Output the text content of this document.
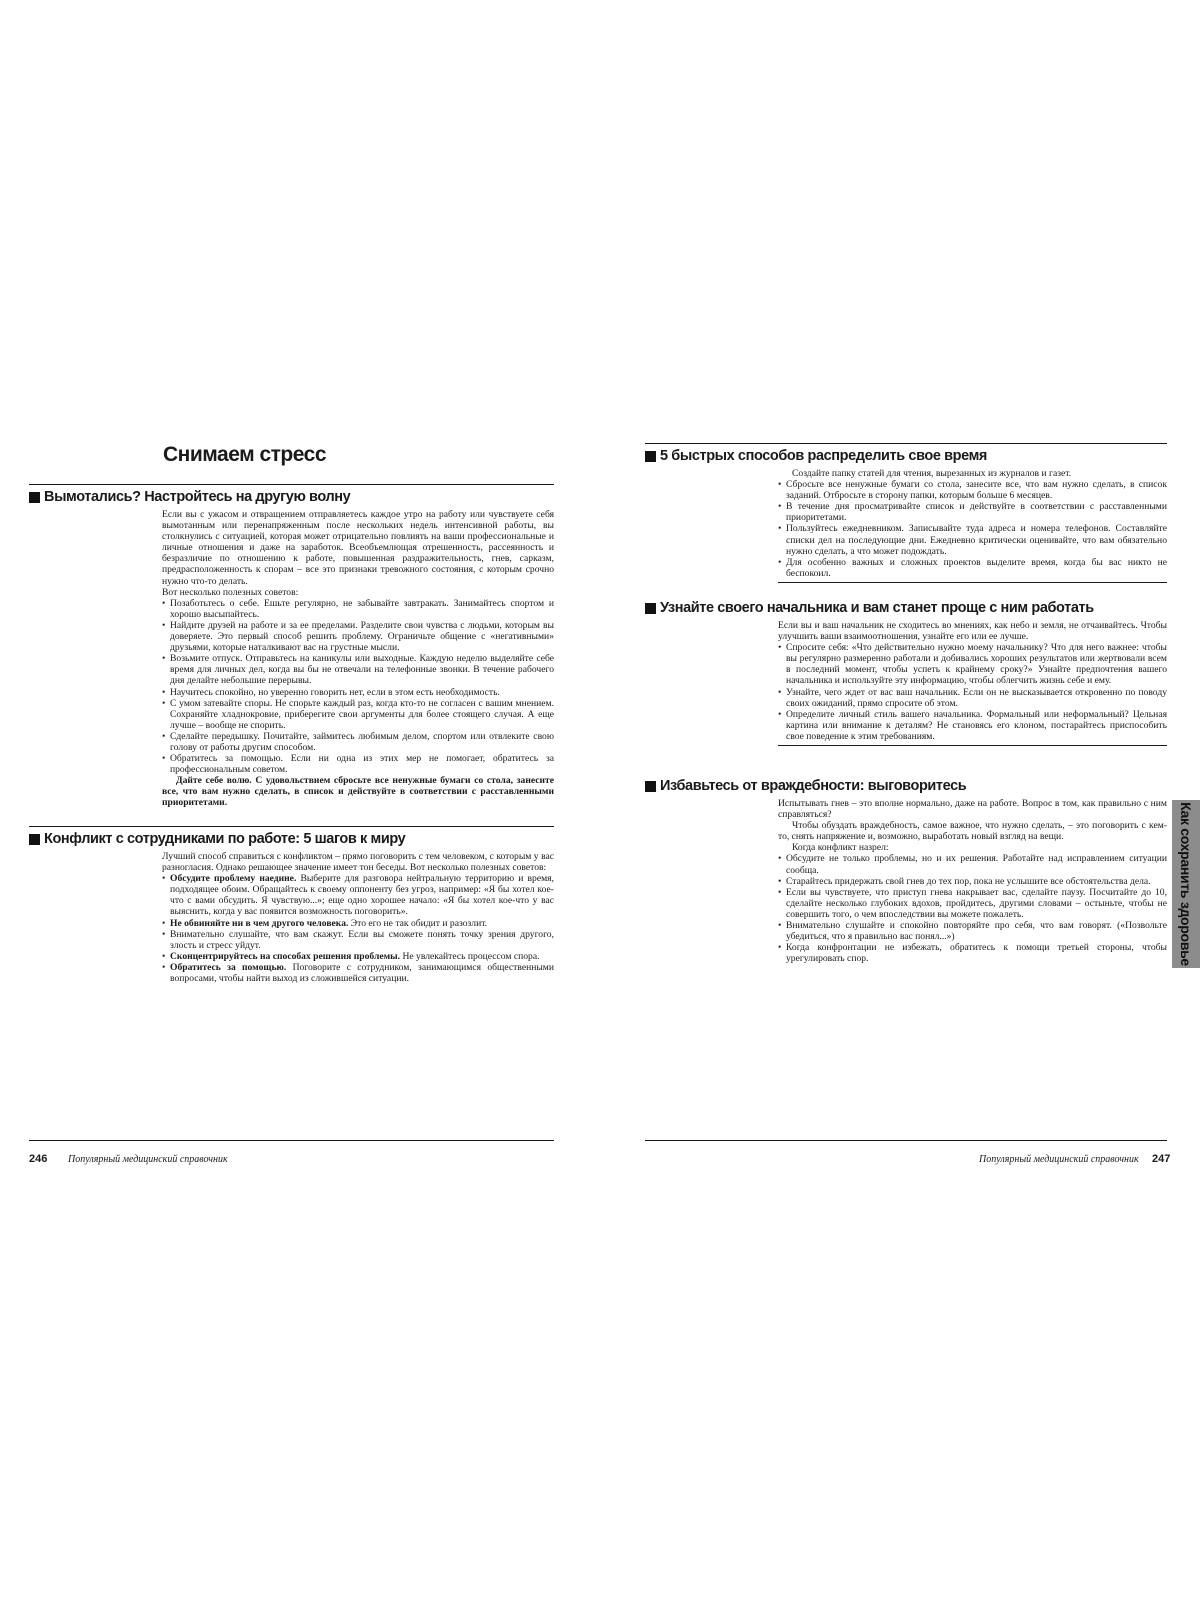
Снимаем стресс
Вымотались? Настройтесь на другую волну

Если вы с ужасом и отвращением отправляетесь каждое утро на работу или чувствуете себя вымотанным или перенапряженным после нескольких недель интенсивной работы, вы столкнулись с ситуацией, которая может отрицательно повлиять на ваши профессиональные и личные отношения и даже на заработок. Всеобъемлющая отрешенность, рассеянность и безразличие по отношению к работе, повышенная раздражительность, гнев, сарказм, предрасположенность к спорам – все это признаки тревожного состояния, с которым срочно нужно что-то делать.

Вот несколько полезных советов:

• Позаботьтесь о себе. Ешьте регулярно, не забывайте завтракать. Занимайтесь спортом и хорошо высыпайтесь.
• Найдите друзей на работе и за ее пределами. Разделите свои чувства с людьми, которым вы доверяете. Это первый способ решить проблему. Ограничьте общение с «негативными» друзьями, которые наталкивают вас на грустные мысли.
• Возьмите отпуск. Отправьтесь на каникулы или выходные. Каждую неделю выделяйте себе время для личных дел, когда вы бы не отвечали на телефонные звонки. В течение рабочего дня делайте небольшие перерывы.
• Научитесь спокойно, но уверенно говорить нет, если в этом есть необходимость.
• С умом затевайте споры. Не спорьте каждый раз, когда кто-то не согласен с вашим мнением. Сохраняйте хладнокровие, приберегите свои аргументы для более стоящего случая. А еще лучше – вообще не спорить.
• Сделайте передышку. Почитайте, займитесь любимым делом, спортом или отвлеките свою голову от работы другим способом.
• Обратитесь за помощью. Если ни одна из этих мер не помогает, обратитесь за профессиональным советом.

Дайте себе волю. С удовольствием сбросьте все ненужные бумаги со стола, занесите все, что вам нужно сделать, в список и действуйте в соответствии с расставленными приоритетами.

Конфликт с сотрудниками по работе: 5 шагов к миру

Лучший способ справиться с конфликтом – прямо поговорить с тем человеком, с которым у вас разногласия. Однако решающее значение имеет тон беседы. Вот несколько полезных советов:

• Обсудите проблему наедине. Выберите для разговора нейтральную территорию и время, подходящее обоим. Обращайтесь к своему оппоненту без угроз, например: «Я бы хотел кое-что с вами обсудить. Я чувствую...»; еще одно хорошее начало: «Я бы хотел кое-что у вас выяснить, когда у вас появится возможность поговорить».
• Не обвиняйте ни в чем другого человека. Это его не так обидит и разозлит.
• Внимательно слушайте, что вам скажут. Если вы сможете понять точку зрения другого, злость и стресс уйдут.
• Сконцентрируйтесь на способах решения проблемы. Не увлекайтесь процессом спора.
• Обратитесь за помощью. Поговорите с сотрудником, занимающимся общественными вопросами, чтобы найти выход из сложившейся ситуации.
246 Популярный медицинский справочник
5 быстрых способов распределить свое время

Создайте папку статей для чтения, вырезанных из журналов и газет.

• Сбросьте все ненужные бумаги со стола, занесите все, что вам нужно сделать, в список заданий. Отбросьте в сторону папки, которым больше 6 месяцев.
• В течение дня просматривайте список и действуйте в соответствии с расставленными приоритетами.
• Пользуйтесь ежедневником. Записывайте туда адреса и номера телефонов. Составляйте списки дел на последующие дни. Ежедневно критически оценивайте, что вам обязательно нужно сделать, а что может подождать.
• Для особенно важных и сложных проектов выделите время, когда бы вас никто не беспокоил.
Узнайте своего начальника и вам станет проще с ним работать

Если вы и ваш начальник не сходитесь во мнениях, как небо и земля, не отчаивайтесь. Чтобы улучшить ваши взаимоотношения, узнайте его или ее лучше.

• Спросите себя: «Что действительно нужно моему начальнику? Что для него важнее: чтобы вы регулярно размеренно работали и добивались хороших результатов или жертвовали всем в последний момент, чтобы успеть к крайнему сроку?» Узнайте предпочтения вашего начальника и используйте эту информацию, чтобы облегчить жизнь себе и ему.
• Узнайте, чего ждет от вас ваш начальник. Если он не высказывается откровенно по поводу своих ожиданий, прямо спросите об этом.
• Определите личный стиль вашего начальника. Формальный или неформальный? Цельная картина или внимание к деталям? Не становясь его клоном, постарайтесь приспособить свое поведение к этим требованиям.
Избавьтесь от враждебности: выговоритесь

Испытывать гнев – это вполне нормально, даже на работе. Вопрос в том, как правильно с ним справляться?

Чтобы обуздать враждебность, самое важное, что нужно сделать, – это поговорить с кем-то, снять напряжение и, возможно, выработать новый взгляд на вещи.

Когда конфликт назрел:

• Обсудите не только проблемы, но и их решения. Работайте над исправлением ситуации сообща.
• Старайтесь придержать свой гнев до тех пор, пока не услышите все обстоятельства дела.
• Если вы чувствуете, что приступ гнева накрывает вас, сделайте паузу. Посчитайте до 10, сделайте несколько глубоких вдохов, пройдитесь, другими словами – остыньте, чтобы не совершить того, о чем впоследствии вы можете пожалеть.
• Внимательно слушайте и спокойно повторяйте про себя, что вам говорят. («Позвольте убедиться, что я правильно вас понял...»)
• Когда конфронтации не избежать, обратитесь к помощи третьей стороны, чтобы урегулировать спор.	Как сохранить здоровье
Популярный медицинский справочник 247
